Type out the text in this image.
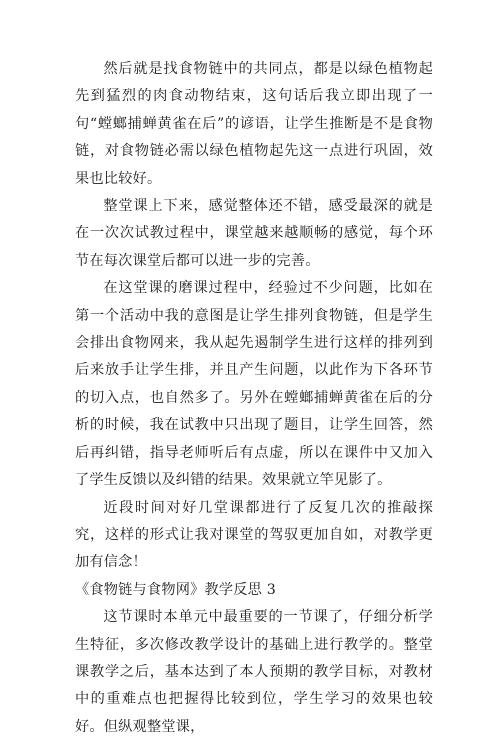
然后就是找食物链中的共同点，都是以绿色植物起先到猛烈的肉食动物结束，这句话后我立即出现了一句“螳螂捕蝉黄雀在后”的谚语，让学生推断是不是食物链，对食物链必需以绿色植物起先这一点进行巩固，效果也比较好。

整堂课上下来，感觉整体还不错，感受最深的就是在一次次试教过程中，课堂越来越顺畅的感觉，每个环节在每次课堂后都可以进一步的完善。

在这堂课的磨课过程中，经验过不少问题，比如在第一个活动中我的意图是让学生排列食物链，但是学生会排出食物网来，我从起先遏制学生进行这样的排列到后来放手让学生排，并且产生问题，以此作为下各环节的切入点，也自然多了。另外在螳螂捕蝉黄雀在后的分析的时候，我在试教中只出现了题目，让学生回答，然后再纠错，指导老师听后有点虚，所以在课件中又加入了学生反馈以及纠错的结果。效果就立竿见影了。

近段时间对好几堂课都进行了反复几次的推敲探究，这样的形式让我对课堂的驾驭更加自如，对教学更加有信念！

《食物链与食物网》教学反思 3

这节课时本单元中最重要的一节课了，仔细分析学生特征，多次修改教学设计的基础上进行教学的。整堂课教学之后，基本达到了本人预期的教学目标，对教材中的重难点也把握得比较到位，学生学习的效果也较好。但纵观整堂课，
